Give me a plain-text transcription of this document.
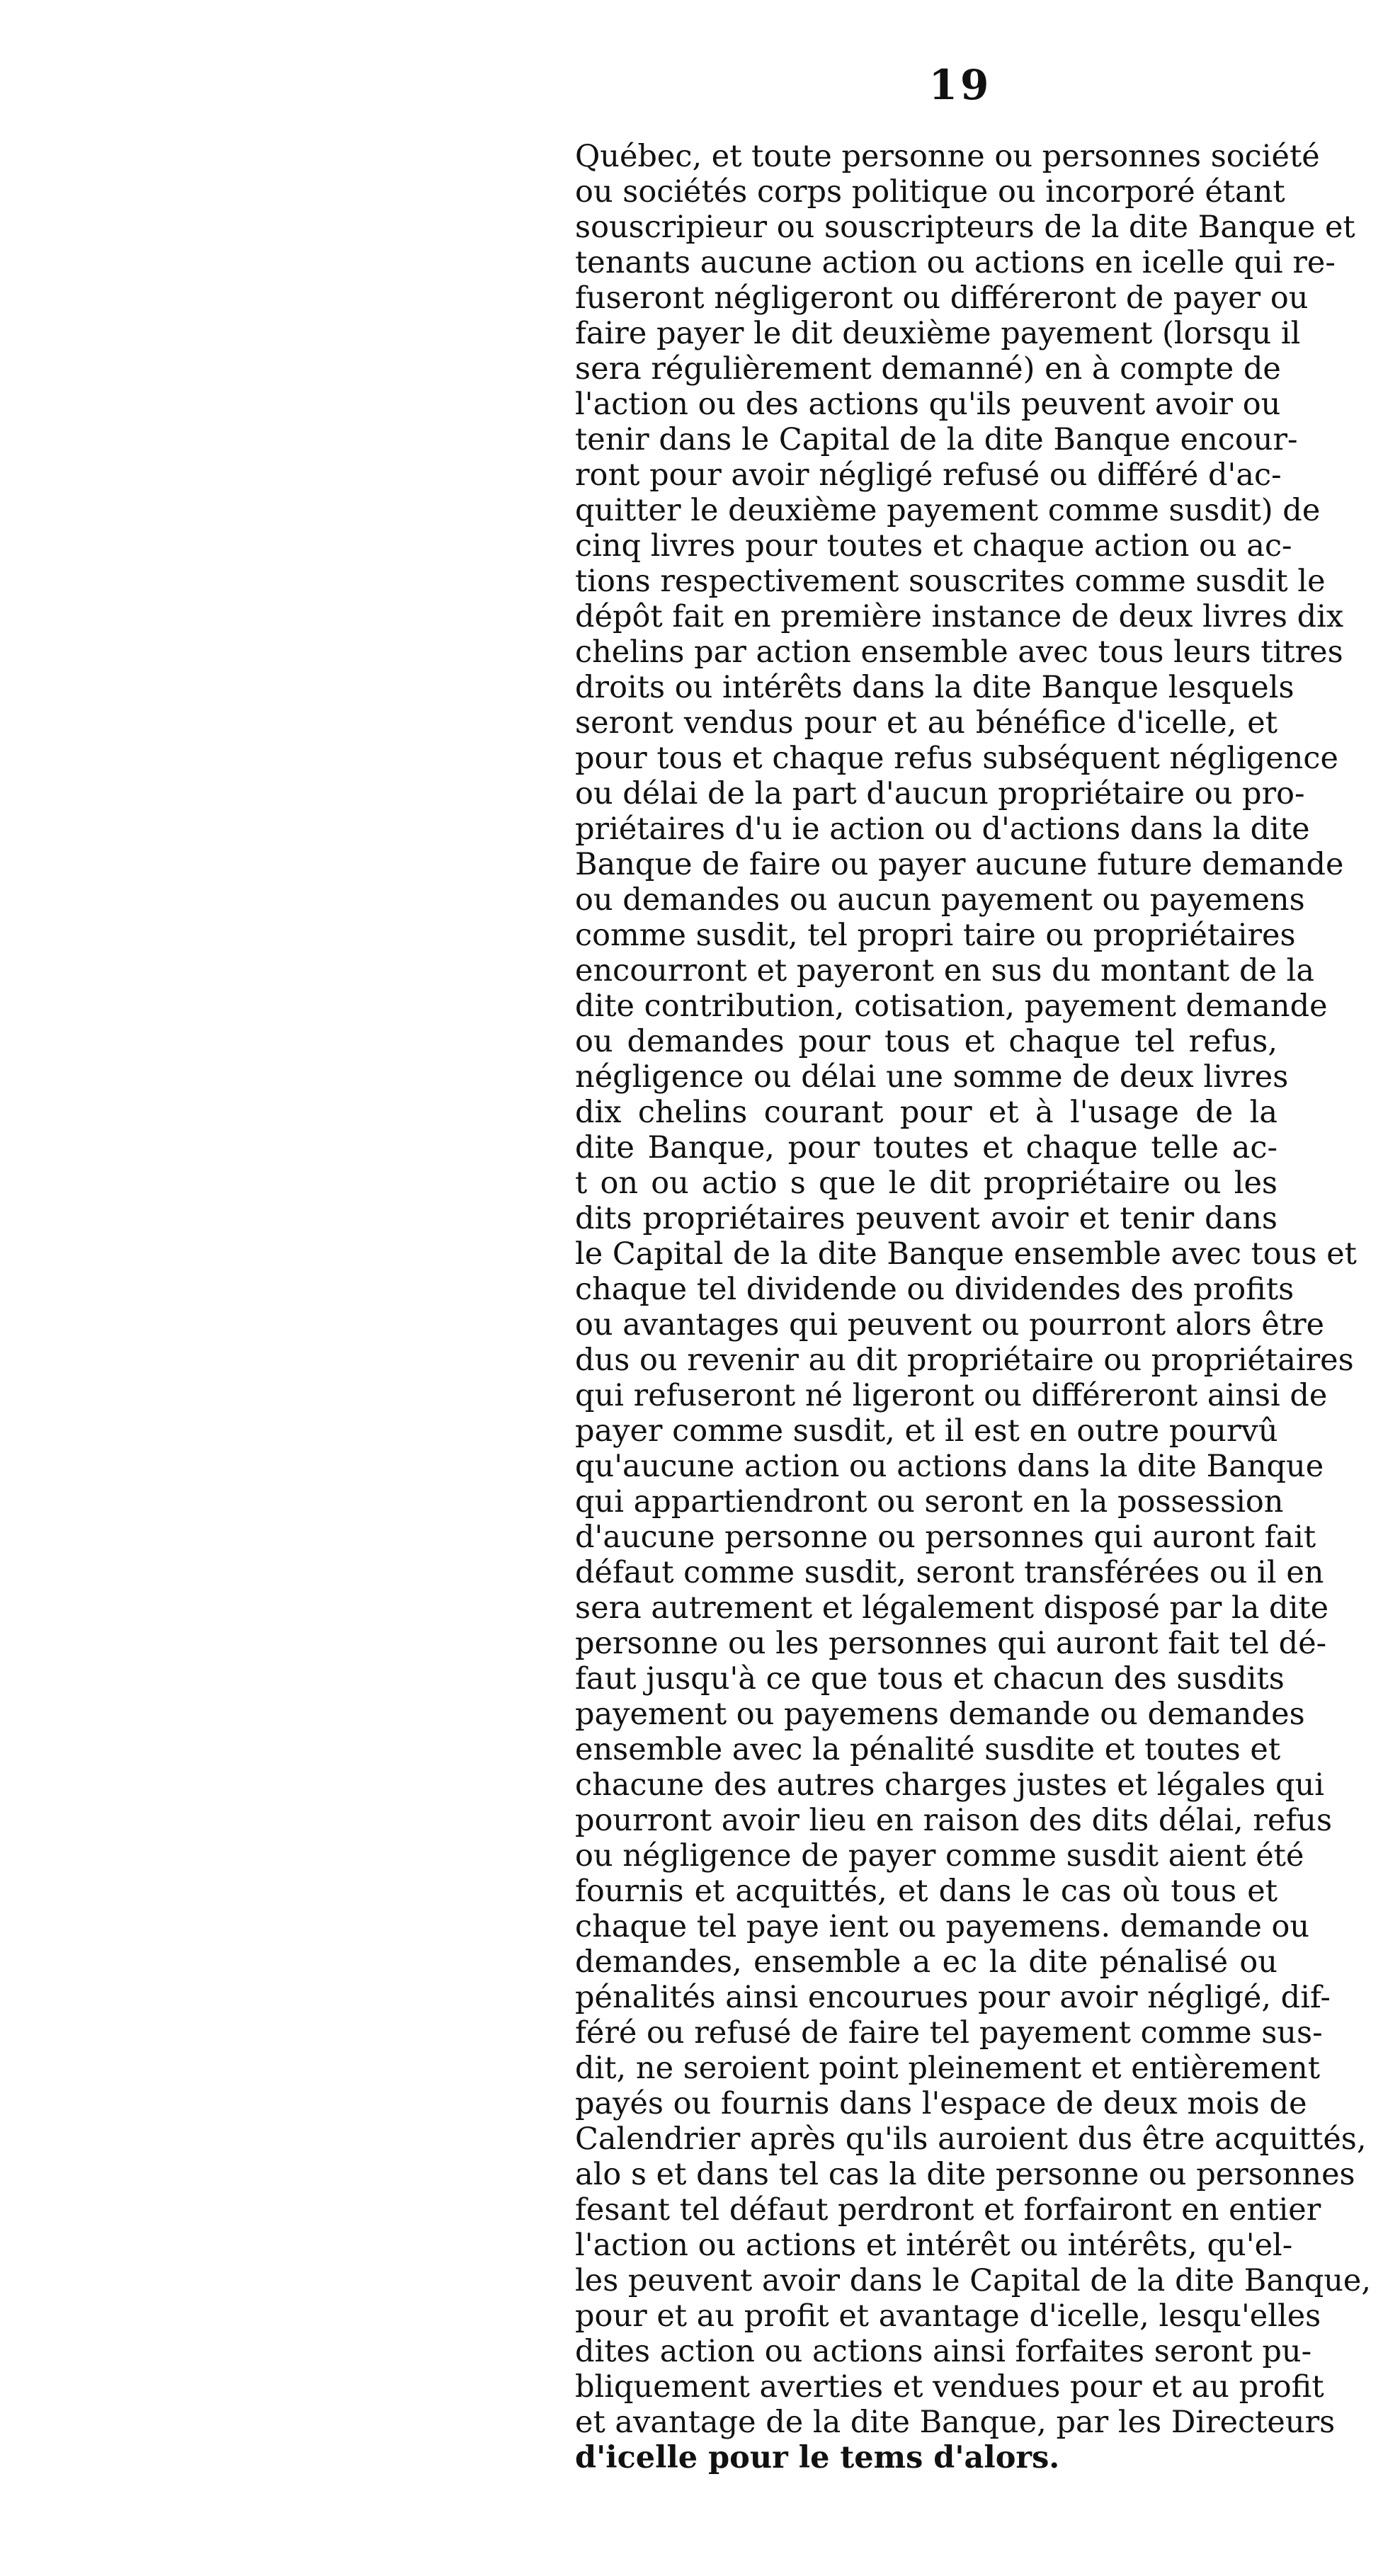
19
Québec, et toute personne ou personnes société
ou sociétés corps politique ou incorporé étant
souscripieur ou souscripteurs de la dite Banque et
tenants aucune action ou actions en icelle qui re-
fuseront négligeront ou différeront de payer ou
faire payer le dit deuxième payement (lorsqu il
sera régulièrement demanné) en à compte de
l'action ou des actions qu'ils peuvent avoir ou
tenir dans le Capital de la dite Banque encour-
ront pour avoir négligé refusé ou différé d'ac-
quitter le deuxième payement comme susdit) de
cinq livres pour toutes et chaque action ou ac-
tions respectivement souscrites comme susdit le
dépôt fait en première instance de deux livres dix
chelins par action ensemble avec tous leurs titres
droits ou intérêts dans la dite Banque lesquels
seront vendus pour et au bénéfice d'icelle, et
pour tous et chaque refus subséquent négligence
ou délai de la part d'aucun propriétaire ou pro-
priétaires d'u ie action ou d'actions dans la dite
Banque de faire ou payer aucune future demande
ou demandes ou aucun payement ou payemens
comme susdit, tel propri taire ou propriétaires
encourront et payeront en sus du montant de la
dite contribution, cotisation, payement demande
ou demandes pour tous et chaque tel refus,
négligence ou délai une somme de deux livres
dix chelins courant pour et à l'usage de la
dite Banque, pour toutes et chaque telle ac-
t on ou actio s que le dit propriétaire ou les
dits propriétaires peuvent avoir et tenir dans
le Capital de la dite Banque ensemble avec tous et
chaque tel dividende ou dividendes des profits
ou avantages qui peuvent ou pourront alors être
dus ou revenir au dit propriétaire ou propriétaires
qui refuseront né ligeront ou différeront ainsi de
payer comme susdit, et il est en outre pourvû
qu'aucune action ou actions dans la dite Banque
qui appartiendront ou seront en la possession
d'aucune personne ou personnes qui auront fait
défaut comme susdit, seront transférées ou il en
sera autrement et légalement disposé par la dite
personne ou les personnes qui auront fait tel dé-
faut jusqu'à ce que tous et chacun des susdits
payement ou payemens demande ou demandes
ensemble avec la pénalité susdite et toutes et
chacune des autres charges justes et légales qui
pourront avoir lieu en raison des dits délai, refus
ou négligence de payer comme susdit aient été
fournis et acquittés, et dans le cas où tous et
chaque tel paye ient ou payemens. demande ou
demandes, ensemble a ec la dite pénalisé ou
pénalités ainsi encourues pour avoir négligé, dif-
féré ou refusé de faire tel payement comme sus-
dit, ne seroient point pleinement et entièrement
payés ou fournis dans l'espace de deux mois de
Calendrier après qu'ils auroient dus être acquittés,
alo s et dans tel cas la dite personne ou personnes
fesant tel défaut perdront et forfairont en entier
l'action ou actions et intérêt ou intérêts, qu'el-
les peuvent avoir dans le Capital de la dite Banque,
pour et au profit et avantage d'icelle, lesqu'elles
dites action ou actions ainsi forfaites seront pu-
bliquement averties et vendues pour et au profit
et avantage de la dite Banque, par les Directeurs
d'icelle pour le tems d'alors.
